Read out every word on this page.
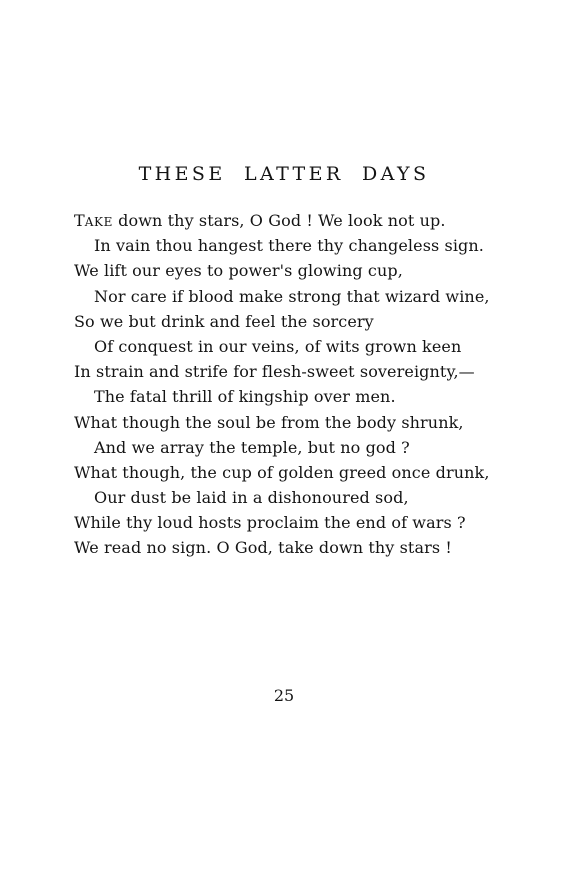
THESE LATTER DAYS
TAKE down thy stars, O God ! We look not up.
In vain thou hangest there thy changeless sign.
We lift our eyes to power's glowing cup,
Nor care if blood make strong that wizard wine,
So we but drink and feel the sorcery
Of conquest in our veins, of wits grown keen
In strain and strife for flesh-sweet sovereignty,—
The fatal thrill of kingship over men.
What though the soul be from the body shrunk,
And we array the temple, but no god ?
What though, the cup of golden greed once drunk,
Our dust be laid in a dishonoured sod,
While thy loud hosts proclaim the end of wars ?
We read no sign. O God, take down thy stars !
25
